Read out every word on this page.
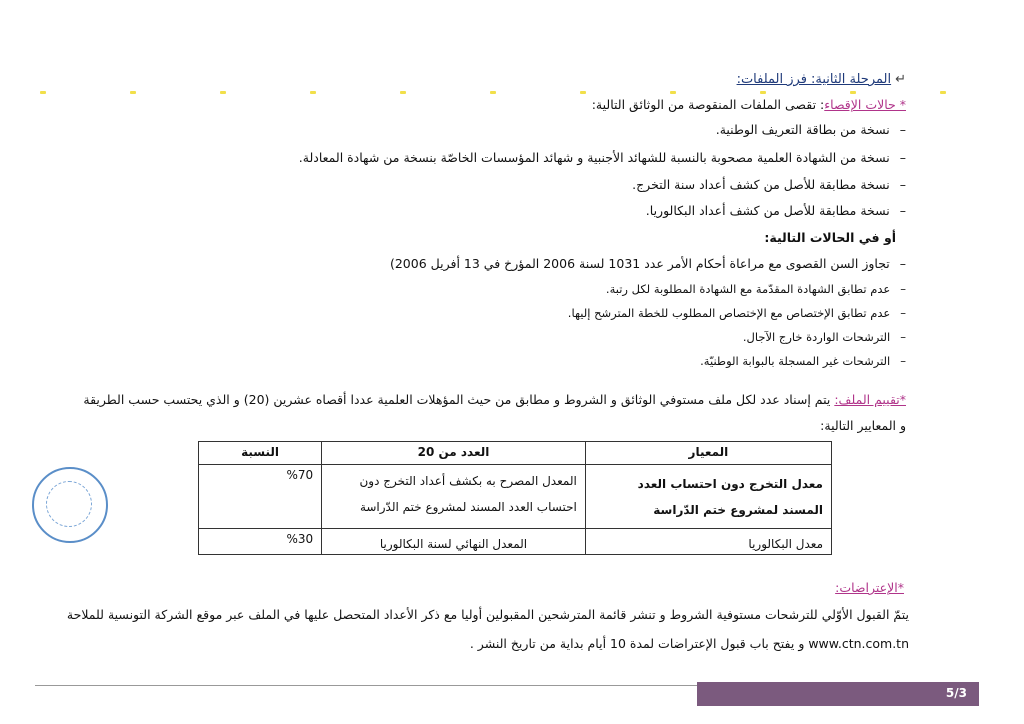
↵المرحلة الثانية: فرز الملفات:
* حالات الإقصاء: تقصى الملفات المنقوصة من الوثائق التالية:
–نسخة من بطاقة التعريف الوطنية.
–نسخة من الشهادة العلمية مصحوبة بالنسبة للشهائد الأجنبية و شهائد المؤسسات الخاصّة بنسخة من شهادة المعادلة.
–نسخة مطابقة للأصل من كشف أعداد سنة التخرج.
–نسخة مطابقة للأصل من كشف أعداد البكالوريا.
أو في الحالات التالية:
–تجاوز السن القصوى مع مراعاة أحكام الأمر عدد 1031 لسنة 2006 المؤرخ في 13 أفريل 2006)
–عدم تطابق الشهادة المقدّمة مع الشهادة المطلوبة لكل رتبة.
–عدم تطابق الإختصاص مع الإختصاص المطلوب للخطة المترشح إليها.
–الترشحات الواردة خارج الآجال.
–الترشحات غير المسجلة بالبوابة الوطنيّة.
*تقييم الملف: يتم إسناد عدد لكل ملف مستوفي الوثائق و الشروط و مطابق من حيث المؤهلات العلمية عددا أقصاه عشرين (20) و الذي يحتسب حسب الطريقة
و المعايير التالية:
المعيار	العدد من 20	النسبة
معدل التخرج دون احتساب العدد المسند لمشروع ختم الدّراسة	المعدل المصرح به بكشف أعداد التخرج دون احتساب العدد المسند لمشروع ختم الدّراسة	%70
معدل البكالوريا	المعدل النهائي لسنة البكالوريا	%30
*الإعتراضات:
يتمّ القبول الأوّلي للترشحات مستوفية الشروط و تنشر قائمة المترشحين المقبولين أوليا مع ذكر الأعداد المتحصل عليها في الملف عبر موقع الشركة التونسية للملاحة
www.ctn.com.tn و يفتح باب قبول الإعتراضات لمدة 10 أيام بداية من تاريخ النشر .
5/3
